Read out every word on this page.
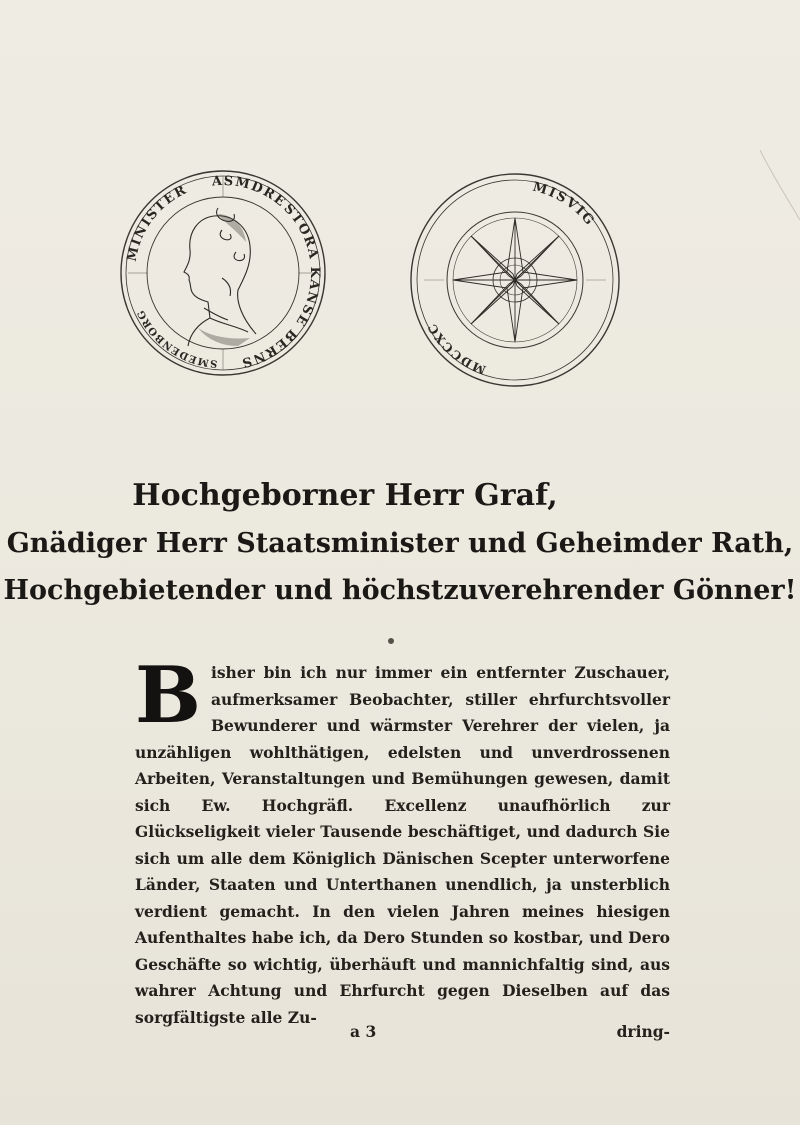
MINISTER
ASMDRE
STORA KANSE BERNS
SMEDENBORG
MISVIG
MDCCXC
Hochgeborner Herr Graf,
Gnädiger Herr Staatsminister und Geheimder Rath,
Hochgebietender und höchstzuverehrender Gönner!
Bisher bin ich nur immer ein entfernter Zuschauer, aufmerksamer Beobachter, stiller ehrfurchtsvoller Bewunderer und wärmster Verehrer der vielen, ja unzähligen wohlthätigen, edelsten und unverdrossenen Arbeiten, Veranstaltungen und Bemühungen gewesen, damit sich Ew. Hochgräfl. Excellenz unaufhörlich zur Glückseligkeit vieler Tausende beschäftiget, und dadurch Sie sich um alle dem Königlich Dänischen Scepter unterworfene Länder, Staaten und Unterthanen unendlich, ja unsterblich verdient gemacht. In den vielen Jahren meines hiesigen Aufenthaltes habe ich, da Dero Stunden so kostbar, und Dero Geschäfte so wichtig, überhäuft und mannichfaltig sind, aus wahrer Achtung und Ehrfurcht gegen Dieselben auf das sorgfältigste alle Zu-
a 3	dring-
